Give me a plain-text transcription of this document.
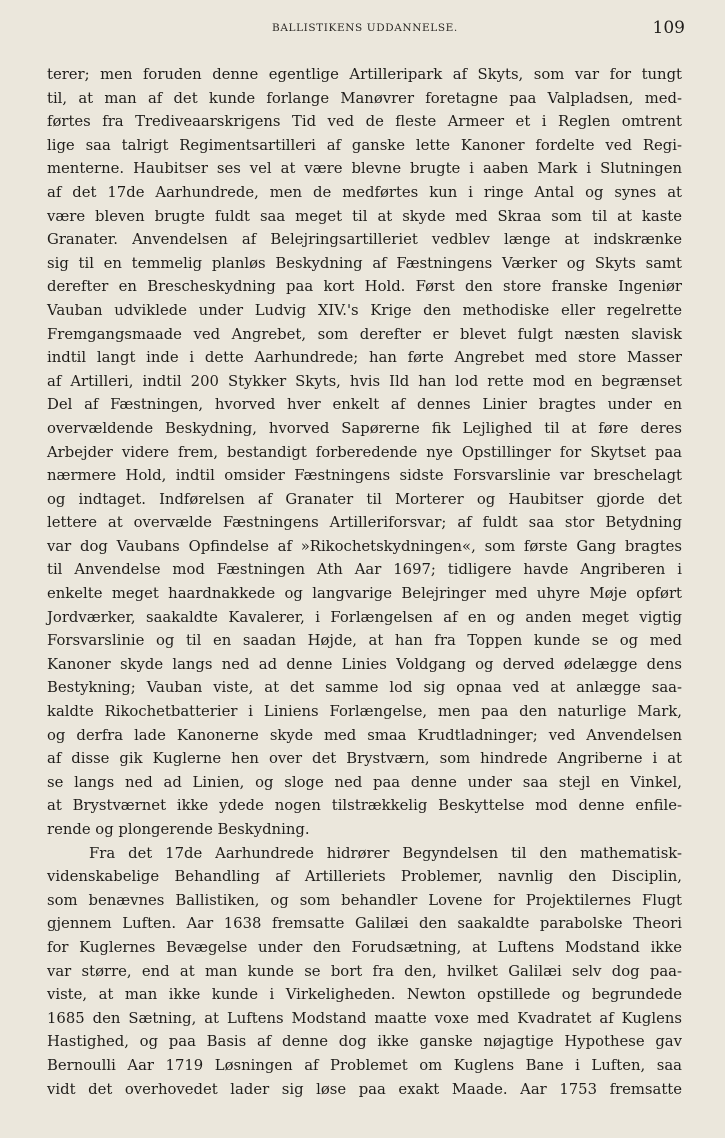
BALLISTIKENS UDDANNELSE.	109
terer; men foruden denne egentlige Artilleripark af Skyts, som var for tungt
til, at man af det kunde forlange Manøvrer foretagne paa Valpladsen, med-
førtes fra Trediveaarskrigens Tid ved de fleste Armeer et i Reglen omtrent
lige saa talrigt Regimentsartilleri af ganske lette Kanoner fordelte ved Regi-
menterne. Haubitser ses vel at være blevne brugte i aaben Mark i Slutningen
af det 17de Aarhundrede, men de medførtes kun i ringe Antal og synes at
være bleven brugte fuldt saa meget til at skyde med Skraa som til at kaste
Granater. Anvendelsen af Belejringsartilleriet vedblev længe at indskrænke
sig til en temmelig planløs Beskydning af Fæstningens Værker og Skyts samt
derefter en Brescheskydning paa kort Hold. Først den store franske Ingeniør
Vauban udviklede under Ludvig XIV.'s Krige den methodiske eller regelrette
Fremgangsmaade ved Angrebet, som derefter er blevet fulgt næsten slavisk
indtil langt inde i dette Aarhundrede; han førte Angrebet med store Masser
af Artilleri, indtil 200 Stykker Skyts, hvis Ild han lod rette mod en begrænset
Del af Fæstningen, hvorved hver enkelt af dennes Linier bragtes under en
overvældende Beskydning, hvorved Sapørerne fik Lejlighed til at føre deres
Arbejder videre frem, bestandigt forberedende nye Opstillinger for Skytset paa
nærmere Hold, indtil omsider Fæstningens sidste Forsvarslinie var breschelagt
og indtaget. Indførelsen af Granater til Morterer og Haubitser gjorde det
lettere at overvælde Fæstningens Artilleriforsvar; af fuldt saa stor Betydning
var dog Vaubans Opfindelse af »Rikochetskydningen«, som første Gang bragtes
til Anvendelse mod Fæstningen Ath Aar 1697; tidligere havde Angriberen i
enkelte meget haardnakkede og langvarige Belejringer med uhyre Møje opført
Jordværker, saakaldte Kavalerer, i Forlængelsen af en og anden meget vigtig
Forsvarslinie og til en saadan Højde, at han fra Toppen kunde se og med
Kanoner skyde langs ned ad denne Linies Voldgang og derved ødelægge dens
Bestykning; Vauban viste, at det samme lod sig opnaa ved at anlægge saa-
kaldte Rikochetbatterier i Liniens Forlængelse, men paa den naturlige Mark,
og derfra lade Kanonerne skyde med smaa Krudtladninger; ved Anvendelsen
af disse gik Kuglerne hen over det Brystværn, som hindrede Angriberne i at
se langs ned ad Linien, og sloge ned paa denne under saa stejl en Vinkel,
at Brystværnet ikke ydede nogen tilstrækkelig Beskyttelse mod denne enfile-
rende og plongerende Beskydning.
Fra det 17de Aarhundrede hidrører Begyndelsen til den mathematisk-
videnskabelige Behandling af Artilleriets Problemer, navnlig den Disciplin,
som benævnes Ballistiken, og som behandler Lovene for Projektilernes Flugt
gjennem Luften. Aar 1638 fremsatte Galilæi den saakaldte parabolske Theori
for Kuglernes Bevægelse under den Forudsætning, at Luftens Modstand ikke
var større, end at man kunde se bort fra den, hvilket Galilæi selv dog paa-
viste, at man ikke kunde i Virkeligheden. Newton opstillede og begrundede
1685 den Sætning, at Luftens Modstand maatte voxe med Kvadratet af Kuglens
Hastighed, og paa Basis af denne dog ikke ganske nøjagtige Hypothese gav
Bernoulli Aar 1719 Løsningen af Problemet om Kuglens Bane i Luften, saa
vidt det overhovedet lader sig løse paa exakt Maade. Aar 1753 fremsatte
